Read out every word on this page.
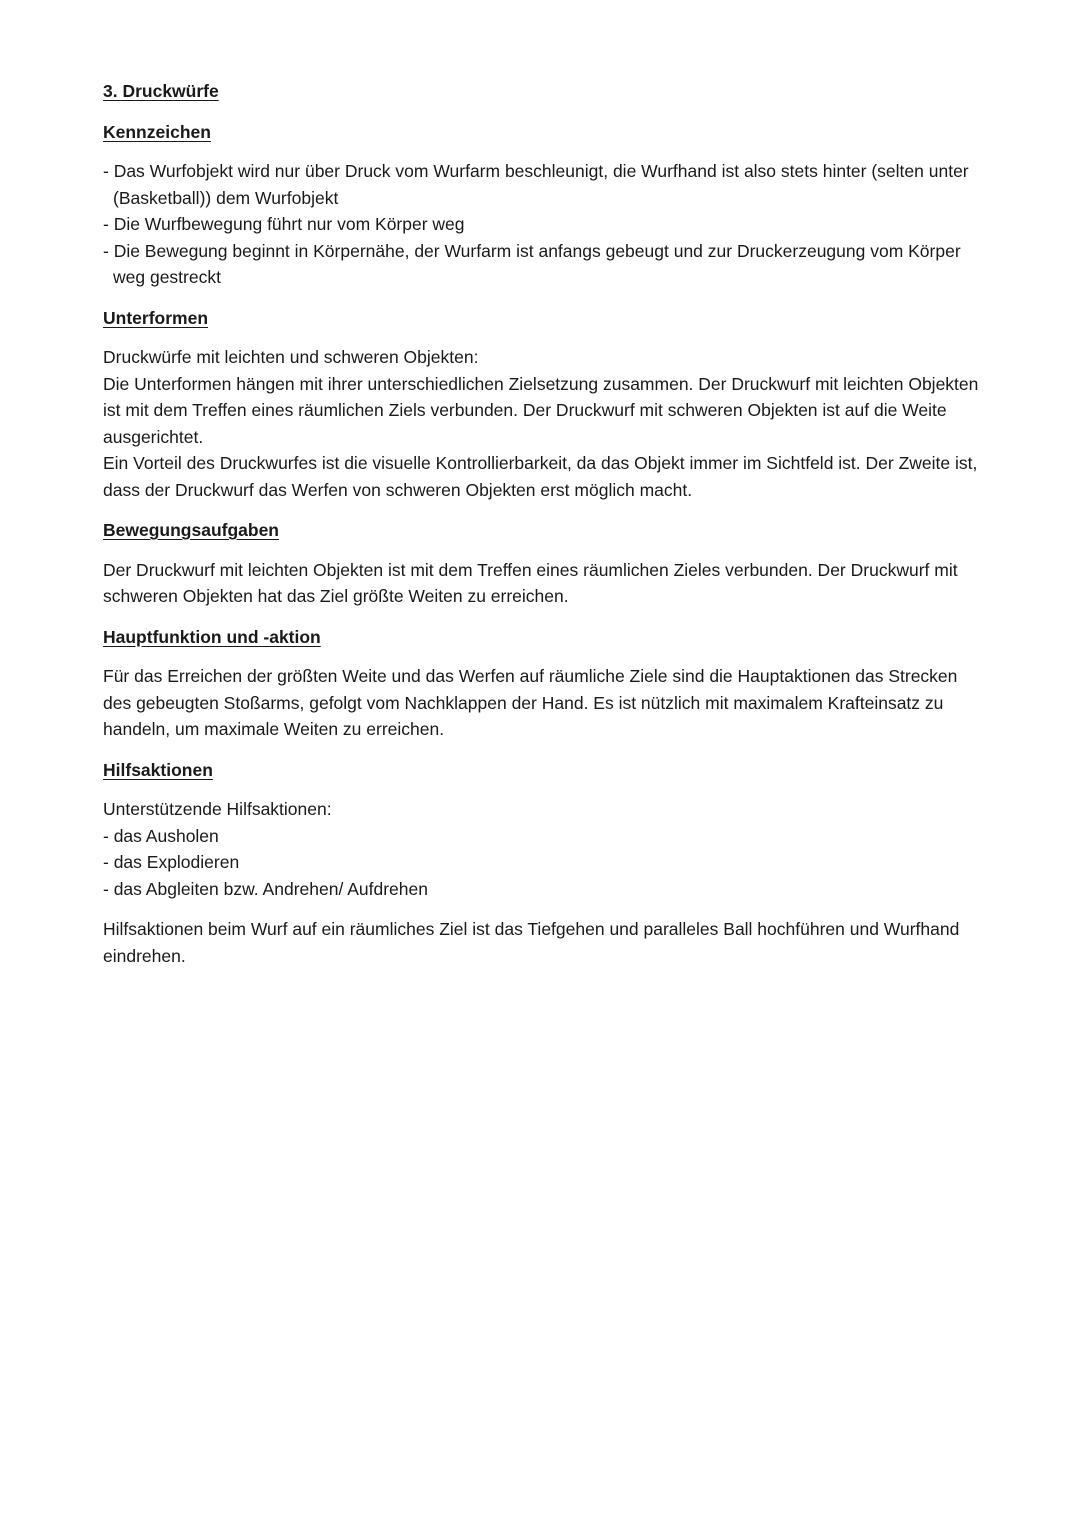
3. Druckwürfe
Kennzeichen
- Das Wurfobjekt wird nur über Druck vom Wurfarm beschleunigt, die Wurfhand ist also stets hinter (selten unter (Basketball)) dem Wurfobjekt
- Die Wurfbewegung führt nur vom Körper weg
- Die Bewegung beginnt in Körpernähe, der Wurfarm ist anfangs gebeugt und zur Druckerzeugung vom Körper weg gestreckt
Unterformen
Druckwürfe mit leichten und schweren Objekten:
Die Unterformen hängen mit ihrer unterschiedlichen Zielsetzung zusammen. Der Druckwurf mit leichten Objekten ist mit dem Treffen eines räumlichen Ziels verbunden. Der Druckwurf mit schweren Objekten ist auf die Weite ausgerichtet.
Ein Vorteil des Druckwurfes ist die visuelle Kontrollierbarkeit, da das Objekt immer im Sichtfeld ist. Der Zweite ist, dass der Druckwurf das Werfen von schweren Objekten erst möglich macht.
Bewegungsaufgaben
Der Druckwurf mit leichten Objekten ist mit dem Treffen eines räumlichen Zieles verbunden. Der Druckwurf mit schweren Objekten hat das Ziel größte Weiten zu erreichen.
Hauptfunktion und -aktion
Für das Erreichen der größten Weite und das Werfen auf räumliche Ziele sind die Hauptaktionen das Strecken des gebeugten Stoßarms, gefolgt vom Nachklappen der Hand. Es ist nützlich mit maximalem Krafteinsatz zu handeln, um maximale Weiten zu erreichen.
Hilfsaktionen
Unterstützende Hilfsaktionen:
- das Ausholen
- das Explodieren
- das Abgleiten bzw. Andrehen/ Aufdrehen
Hilfsaktionen beim Wurf auf ein räumliches Ziel ist das Tiefgehen und paralleles Ball hochführen und Wurfhand eindrehen.
